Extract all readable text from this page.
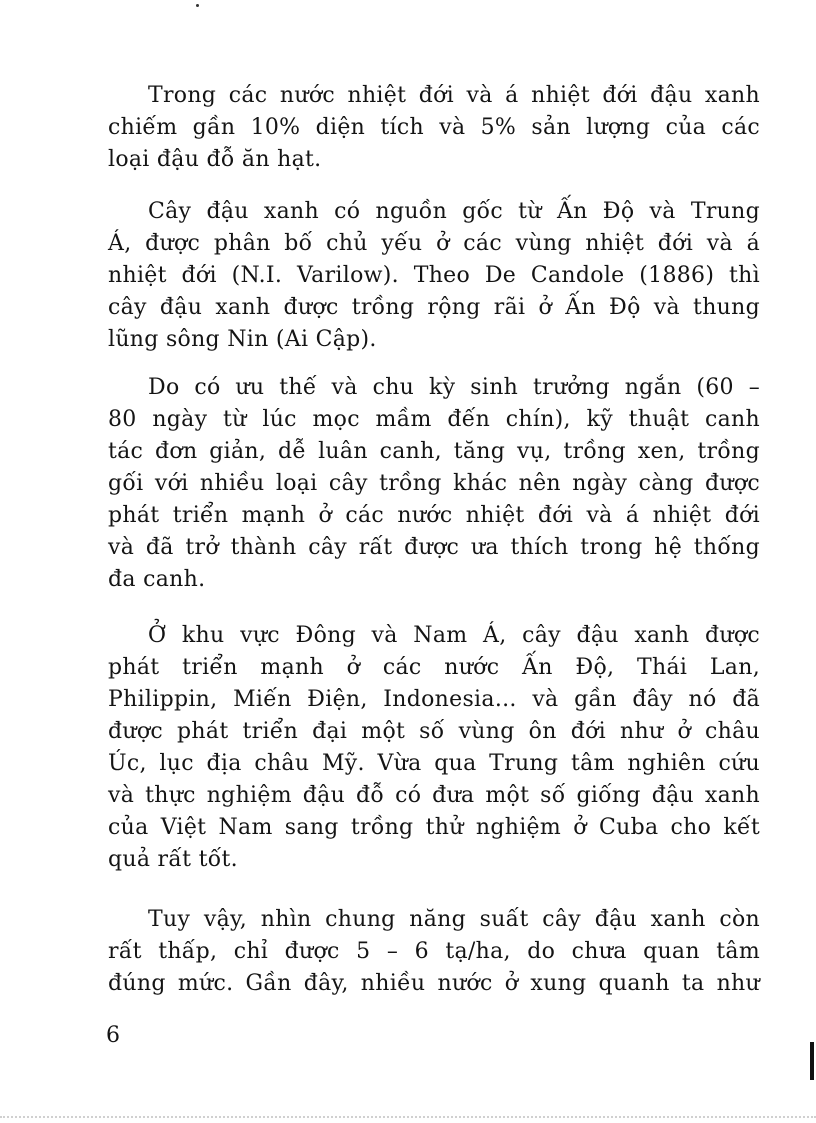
Trong các nước nhiệt đới và á nhiệt đới đậu xanh
chiếm gần 10% diện tích và 5% sản lượng của các
loại đậu đỗ ăn hạt.
Cây đậu xanh có nguồn gốc từ Ấn Độ và Trung
Á, được phân bố chủ yếu ở các vùng nhiệt đới và á
nhiệt đới (N.I. Varilow). Theo De Candole (1886) thì
cây đậu xanh được trồng rộng rãi ở Ấn Độ và thung
lũng sông Nin (Ai Cập).
Do có ưu thế và chu kỳ sinh trưởng ngắn (60 –
80 ngày từ lúc mọc mầm đến chín), kỹ thuật canh
tác đơn giản, dễ luân canh, tăng vụ, trồng xen, trồng
gối với nhiều loại cây trồng khác nên ngày càng được
phát triển mạnh ở các nước nhiệt đới và á nhiệt đới
và đã trở thành cây rất được ưa thích trong hệ thống
đa canh.
Ở khu vực Đông và Nam Á, cây đậu xanh được
phát triển mạnh ở các nước Ấn Độ, Thái Lan,
Philippin, Miến Điện, Indonesia... và gần đây nó đã
được phát triển đại một số vùng ôn đới như ở châu
Úc, lục địa châu Mỹ. Vừa qua Trung tâm nghiên cứu
và thực nghiệm đậu đỗ có đưa một số giống đậu xanh
của Việt Nam sang trồng thử nghiệm ở Cuba cho kết
quả rất tốt.
Tuy vậy, nhìn chung năng suất cây đậu xanh còn
rất thấp, chỉ được 5 – 6 tạ/ha, do chưa quan tâm
đúng mức. Gần đây, nhiều nước ở xung quanh ta như
6
